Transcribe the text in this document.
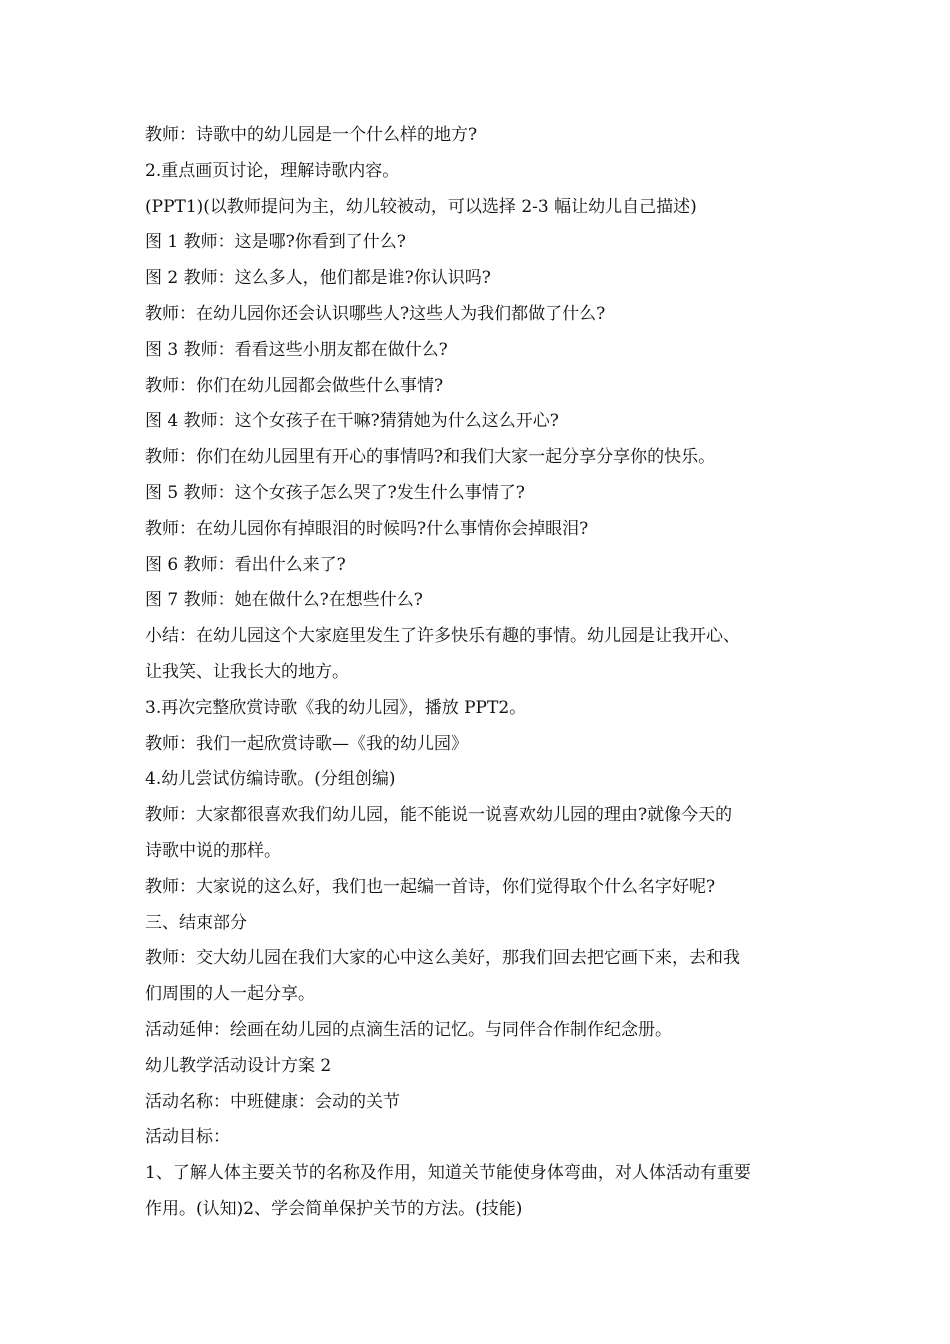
教师：诗歌中的幼儿园是一个什么样的地方?
2.重点画页讨论，理解诗歌内容。
(PPT1)(以教师提问为主，幼儿较被动，可以选择 2-3 幅让幼儿自己描述)
图 1 教师：这是哪?你看到了什么?
图 2 教师：这么多人，他们都是谁?你认识吗?
教师：在幼儿园你还会认识哪些人?这些人为我们都做了什么?
图 3 教师：看看这些小朋友都在做什么?
教师：你们在幼儿园都会做些什么事情?
图 4 教师：这个女孩子在干嘛?猜猜她为什么这么开心?
教师：你们在幼儿园里有开心的事情吗?和我们大家一起分享分享你的快乐。
图 5 教师：这个女孩子怎么哭了?发生什么事情了?
教师：在幼儿园你有掉眼泪的时候吗?什么事情你会掉眼泪?
图 6 教师：看出什么来了?
图 7 教师：她在做什么?在想些什么?
小结：在幼儿园这个大家庭里发生了许多快乐有趣的事情。幼儿园是让我开心、
让我笑、让我长大的地方。
3.再次完整欣赏诗歌《我的幼儿园》，播放 PPT2。
教师：我们一起欣赏诗歌—《我的幼儿园》
4.幼儿尝试仿编诗歌。(分组创编)
教师：大家都很喜欢我们幼儿园，能不能说一说喜欢幼儿园的理由?就像今天的
诗歌中说的那样。
教师：大家说的这么好，我们也一起编一首诗，你们觉得取个什么名字好呢?
三、结束部分
教师：交大幼儿园在我们大家的心中这么美好，那我们回去把它画下来，去和我
们周围的人一起分享。
活动延伸：绘画在幼儿园的点滴生活的记忆。与同伴合作制作纪念册。
幼儿教学活动设计方案 2
活动名称：中班健康：会动的关节
活动目标：
1、了解人体主要关节的名称及作用，知道关节能使身体弯曲，对人体活动有重要
作用。(认知)2、学会简单保护关节的方法。(技能)
